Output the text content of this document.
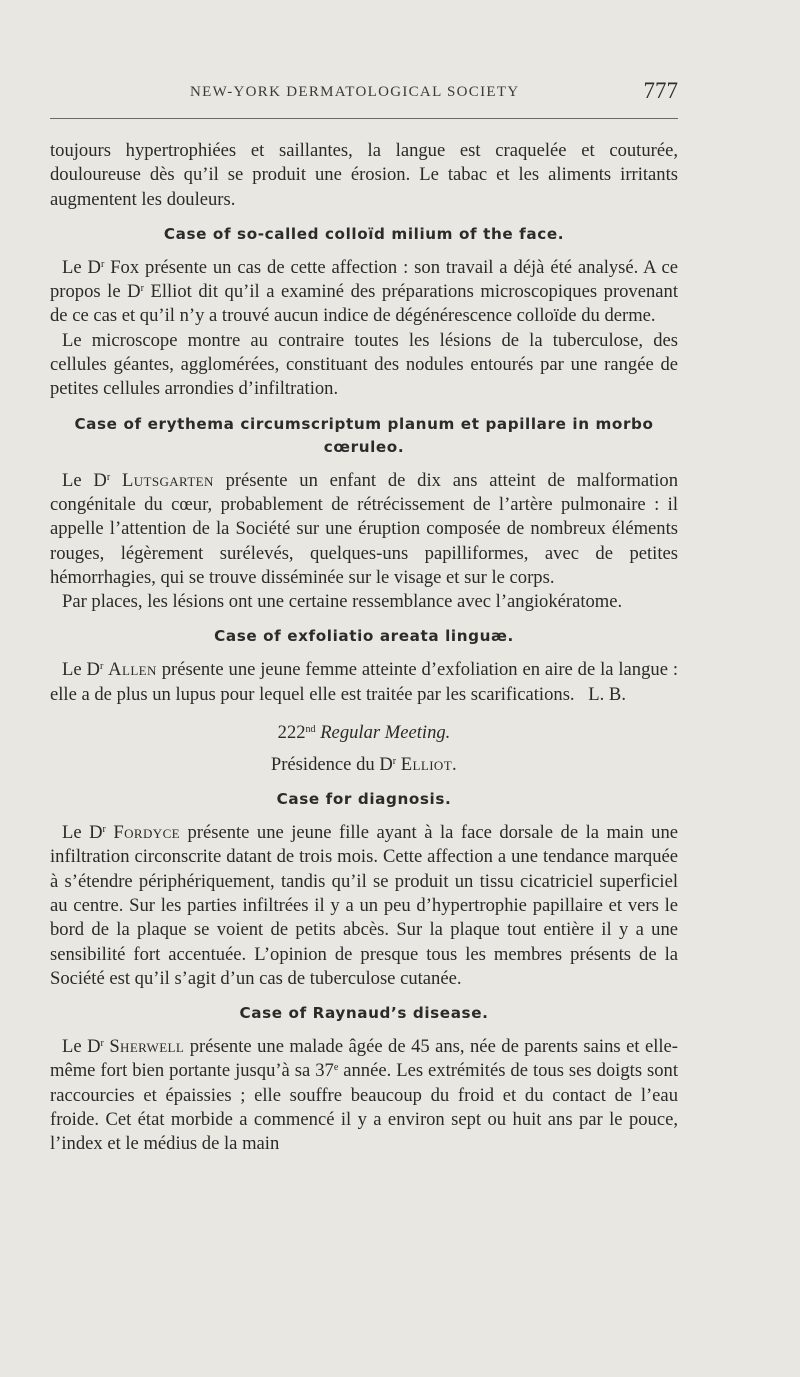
NEW-YORK DERMATOLOGICAL SOCIETY	777

toujours hypertrophiées et saillantes, la langue est craquelée et couturée, douloureuse dès qu’il se produit une érosion. Le tabac et les aliments irritants augmentent les douleurs.

Case of so-called colloïd milium of the face.

Le $D^r$ Fox présente un cas de cette affection : son travail a déjà été analysé. A ce propos le $D^r$ Elliot dit qu’il a examiné des préparations microscopiques provenant de ce cas et qu’il n’y a trouvé aucun indice de dégénérescence colloïde du derme.

Le microscope montre au contraire toutes les lésions de la tuberculose, des cellules géantes, agglomérées, constituant des nodules entourés par une rangée de petites cellules arrondies d’infiltration.

Case of erythema circumscriptum planum et papillare in morbo cœruleo.

Le $D^r$ Lutsgarten présente un enfant de dix ans atteint de malformation congénitale du cœur, probablement de rétrécissement de l’artère pulmonaire : il appelle l’attention de la Société sur une éruption composée de nombreux éléments rouges, légèrement surélevés, quelques-uns papilliformes, avec de petites hémorrhagies, qui se trouve disséminée sur le visage et sur le corps.

Par places, les lésions ont une certaine ressemblance avec l’angiokératome.

Case of exfoliatio areata linguæ.

Le $D^r$ Allen présente une jeune femme atteinte d’exfoliation en aire de la langue : elle a de plus un lupus pour lequel elle est traitée par les scarifications. L. B.

222nd Regular Meeting.
Présidence du $D^r$ Elliot.
Case for diagnosis.

Le $D^r$ Fordyce présente une jeune fille ayant à la face dorsale de la main une infiltration circonscrite datant de trois mois. Cette affection a une tendance marquée à s’étendre périphériquement, tandis qu’il se produit un tissu cicatriciel superficiel au centre. Sur les parties infiltrées il y a un peu d’hypertrophie papillaire et vers le bord de la plaque se voient de petits abcès. Sur la plaque tout entière il y a une sensibilité fort accentuée. L’opinion de presque tous les membres présents de la Société est qu’il s’agit d’un cas de tuberculose cutanée.

Case of Raynaud’s disease.

Le $D^r$ Sherwell présente une malade âgée de 45 ans, née de parents sains et elle-même fort bien portante jusqu’à sa 37e année. Les extrémités de tous ses doigts sont raccourcies et épaissies ; elle souffre beaucoup du froid et du contact de l’eau froide. Cet état morbide a commencé il y a environ sept ou huit ans par le pouce, l’index et le médius de la main
